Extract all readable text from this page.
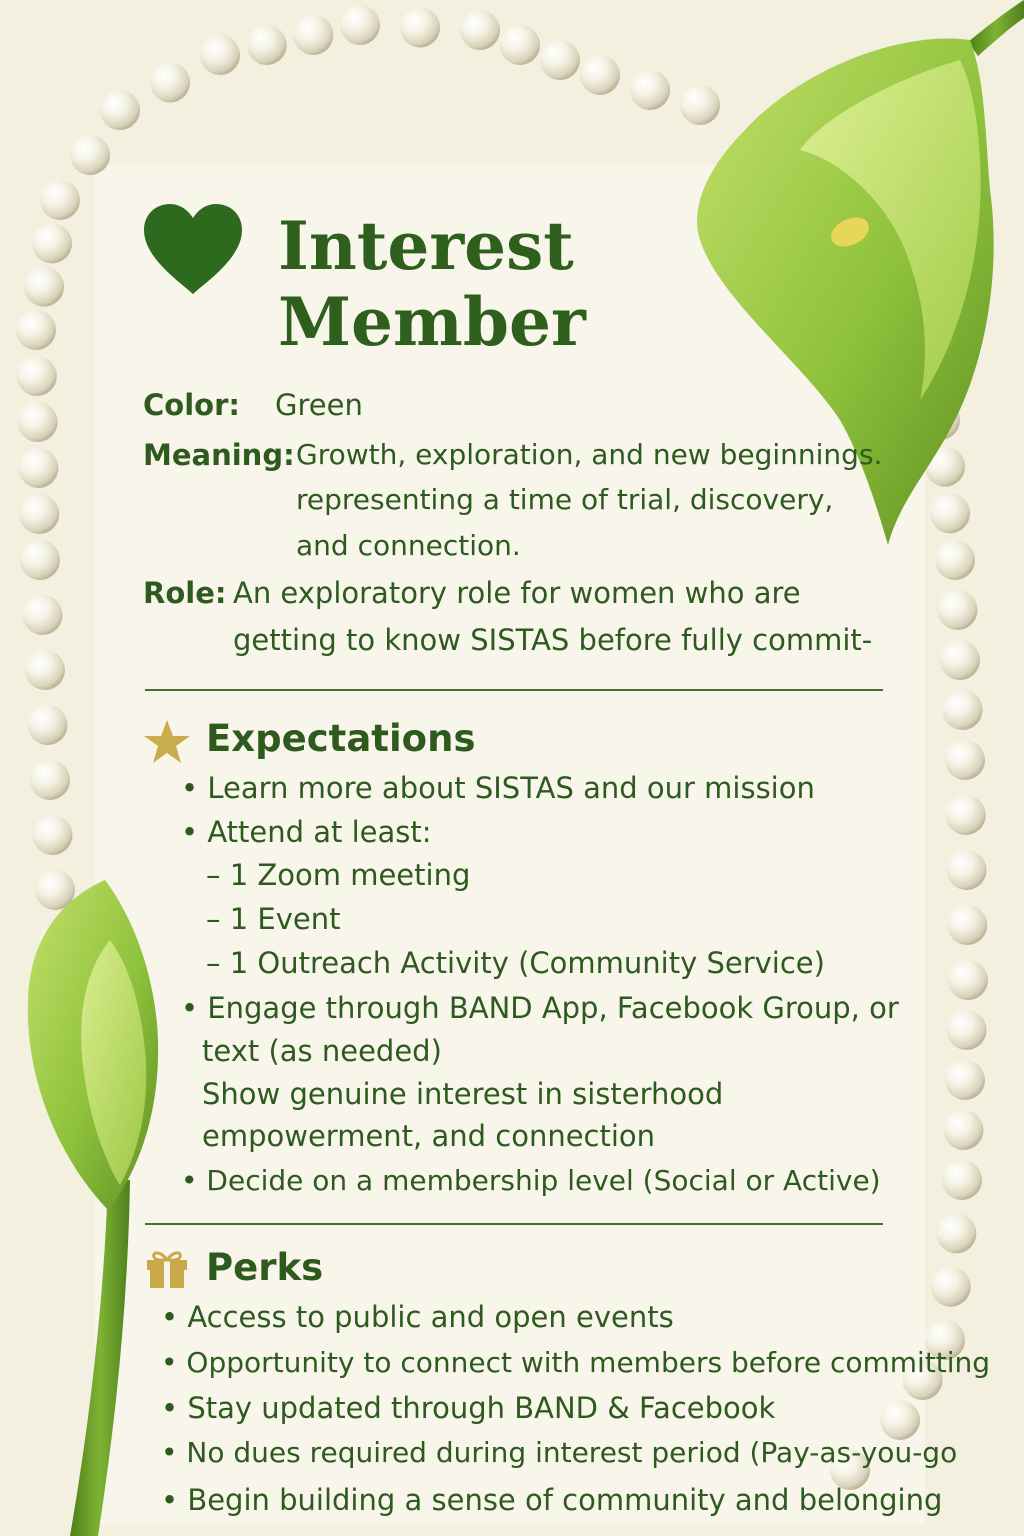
Interest
Member
Color: Green
Meaning: Growth, exploration, and new beginnings.
representing a time of trial, discovery,
and connection.
Role: An exploratory role for women who are
getting to know SISTAS before fully commit-
Expectations
• Learn more about SISTAS and our mission
• Attend at least:
– 1 Zoom meeting
– 1 Event
– 1 Outreach Activity (Community Service)
• Engage through BAND App, Facebook Group, or
text (as needed)
Show genuine interest in sisterhood
empowerment, and connection
• Decide on a membership level (Social or Active)
Perks
• Access to public and open events
• Opportunity to connect with members before committing
• Stay updated through BAND & Facebook
• No dues required during interest period (Pay-as-you-go
• Begin building a sense of community and belonging
